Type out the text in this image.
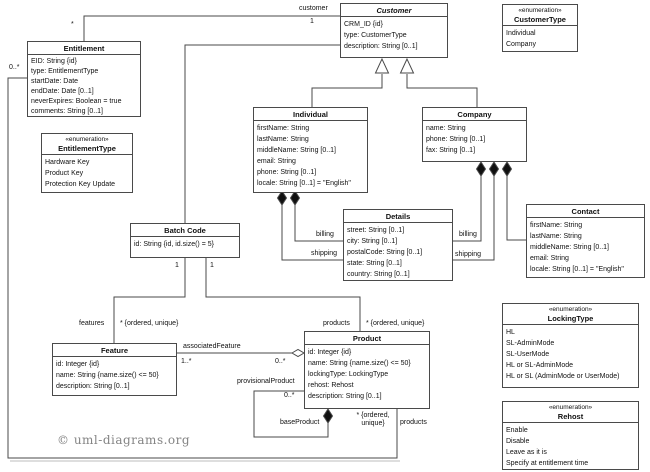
Customer
CRM_ID {id}
type: CustomerType
description: String [0..1]
Entitlement
EID: String {id}
type: EntitlementType
startDate: Date
endDate: Date [0..1]
neverExpires: Boolean = true
comments: String [0..1]	Individual
firstName: String
lastName: String
middleName: String [0..1]
email: String
phone: String [0..1]
locale: String [0..1] = "English"
Company
name: String
phone: String [0..1]
fax: String [0..1]
Details
street: String [0..1]
city: String [0..1]
postalCode: String [0..1]
state: String [0..1]
country: String [0..1]
Contact
firstName: String
lastName: String
middleName: String [0..1]
email: String
locale: String [0..1] = "English"
Batch Code
id: String {id, id.size() = 5}
Feature
id: Integer {id}
name: String {name.size() <= 50}
description: String [0..1]
Product
id: Integer {id}
name: String {name.size() <= 50}
lockingType: LockingType
rehost: Rehost
description: String [0..1]
«enumeration»
CustomerType
Individual
Company
«enumeration»
EntitlementType
Hardware Key
Product Key
Protection Key Update
«enumeration»
LockingType
HL
SL-AdminMode
SL-UserMode
HL or SL-AdminMode
HL or SL (AdminMode or UserMode)
«enumeration»
Rehost
Enable
Disable
Leave as it is
Specify at entitlement time
*
customer
1
0..*
1	1
features * {ordered, unique}	products * {ordered, unique}
associatedFeature
1..*	0..*
provisionalProduct
0..*
baseProduct
* {ordered, unique}	products
billing
shipping
billing
shipping
© uml-diagrams.org
